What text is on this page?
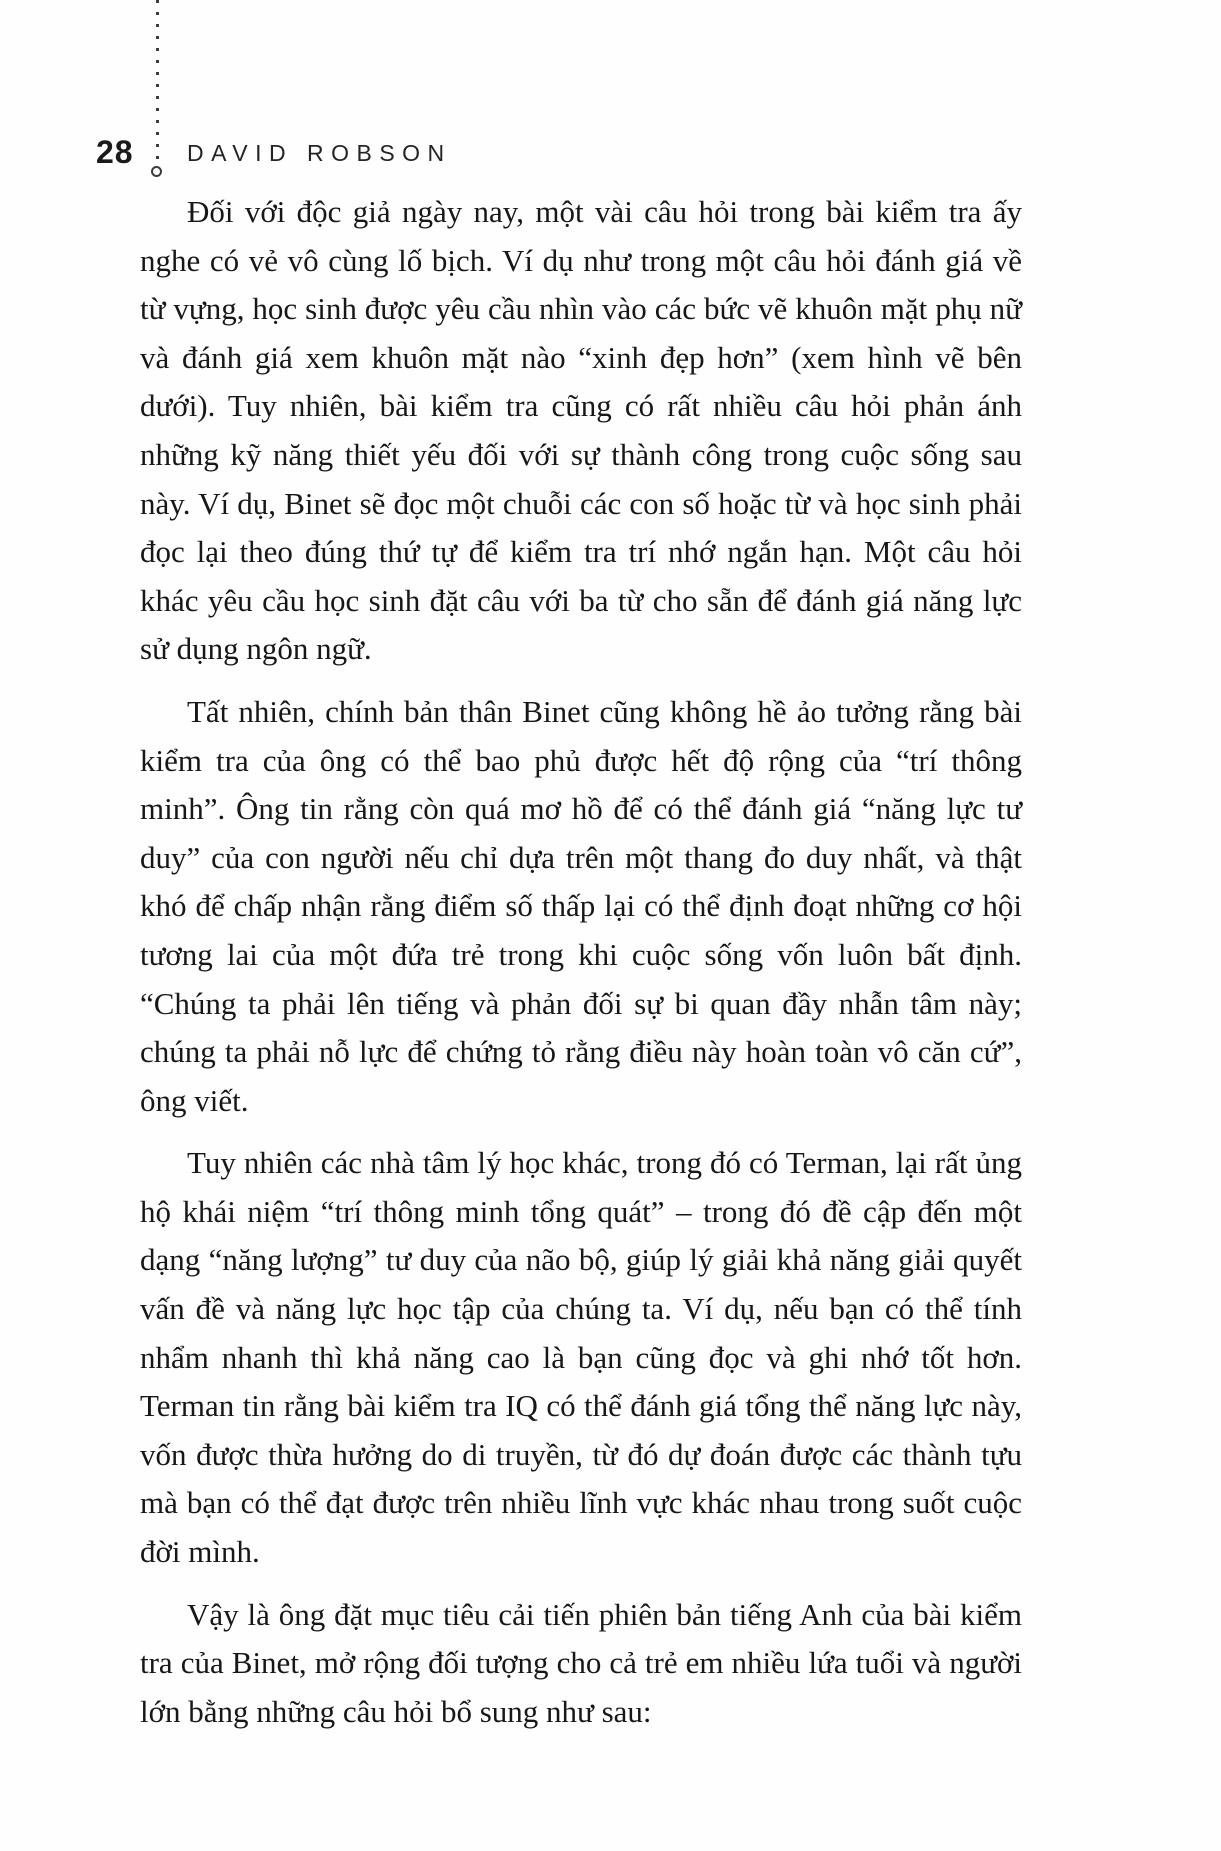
28 DAVID ROBSON

Đối với độc giả ngày nay, một vài câu hỏi trong bài kiểm tra ấy nghe có vẻ vô cùng lố bịch. Ví dụ như trong một câu hỏi đánh giá về từ vựng, học sinh được yêu cầu nhìn vào các bức vẽ khuôn mặt phụ nữ và đánh giá xem khuôn mặt nào “xinh đẹp hơn” (xem hình vẽ bên dưới). Tuy nhiên, bài kiểm tra cũng có rất nhiều câu hỏi phản ánh những kỹ năng thiết yếu đối với sự thành công trong cuộc sống sau này. Ví dụ, Binet sẽ đọc một chuỗi các con số hoặc từ và học sinh phải đọc lại theo đúng thứ tự để kiểm tra trí nhớ ngắn hạn. Một câu hỏi khác yêu cầu học sinh đặt câu với ba từ cho sẵn để đánh giá năng lực sử dụng ngôn ngữ.

Tất nhiên, chính bản thân Binet cũng không hề ảo tưởng rằng bài kiểm tra của ông có thể bao phủ được hết độ rộng của “trí thông minh”. Ông tin rằng còn quá mơ hồ để có thể đánh giá “năng lực tư duy” của con người nếu chỉ dựa trên một thang đo duy nhất, và thật khó để chấp nhận rằng điểm số thấp lại có thể định đoạt những cơ hội tương lai của một đứa trẻ trong khi cuộc sống vốn luôn bất định. “Chúng ta phải lên tiếng và phản đối sự bi quan đầy nhẫn tâm này; chúng ta phải nỗ lực để chứng tỏ rằng điều này hoàn toàn vô căn cứ”, ông viết.

Tuy nhiên các nhà tâm lý học khác, trong đó có Terman, lại rất ủng hộ khái niệm “trí thông minh tổng quát” – trong đó đề cập đến một dạng “năng lượng” tư duy của não bộ, giúp lý giải khả năng giải quyết vấn đề và năng lực học tập của chúng ta. Ví dụ, nếu bạn có thể tính nhẩm nhanh thì khả năng cao là bạn cũng đọc và ghi nhớ tốt hơn. Terman tin rằng bài kiểm tra IQ có thể đánh giá tổng thể năng lực này, vốn được thừa hưởng do di truyền, từ đó dự đoán được các thành tựu mà bạn có thể đạt được trên nhiều lĩnh vực khác nhau trong suốt cuộc đời mình.

Vậy là ông đặt mục tiêu cải tiến phiên bản tiếng Anh của bài kiểm tra của Binet, mở rộng đối tượng cho cả trẻ em nhiều lứa tuổi và người lớn bằng những câu hỏi bổ sung như sau:
